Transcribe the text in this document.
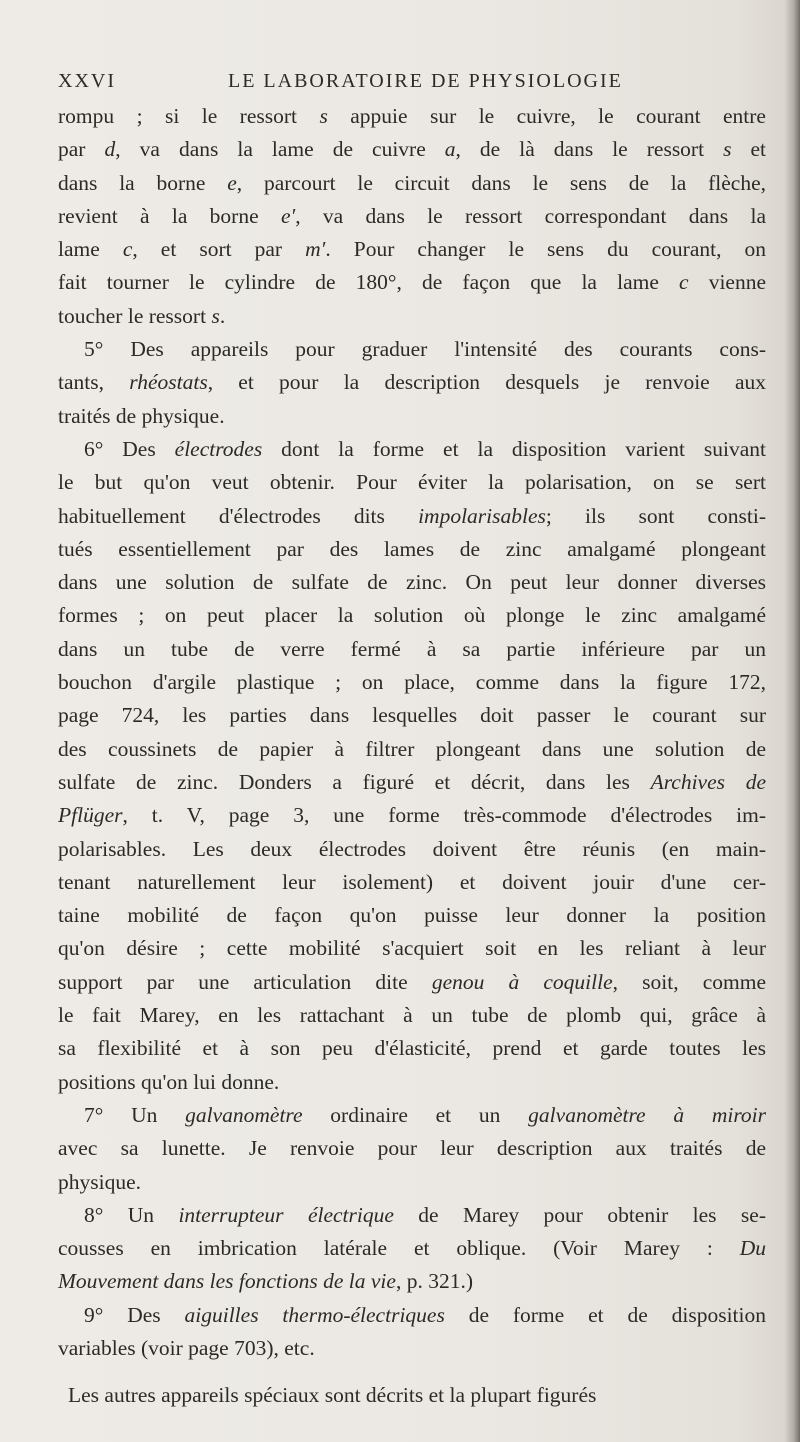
XXVI	LE LABORATOIRE DE PHYSIOLOGIE
rompu ; si le ressort s appuie sur le cuivre, le courant entre
par d, va dans la lame de cuivre a, de là dans le ressort s et
dans la borne e, parcourt le circuit dans le sens de la flèche,
revient à la borne e′, va dans le ressort correspondant dans la
lame c, et sort par m′. Pour changer le sens du courant, on
fait tourner le cylindre de 180°, de façon que la lame c vienne
toucher le ressort s.
5° Des appareils pour graduer l'intensité des courants cons-
tants, rhéostats, et pour la description desquels je renvoie aux
traités de physique.
6° Des électrodes dont la forme et la disposition varient suivant
le but qu'on veut obtenir. Pour éviter la polarisation, on se sert
habituellement d'électrodes dits impolarisables; ils sont consti-
tués essentiellement par des lames de zinc amalgamé plongeant
dans une solution de sulfate de zinc. On peut leur donner diverses
formes ; on peut placer la solution où plonge le zinc amalgamé
dans un tube de verre fermé à sa partie inférieure par un
bouchon d'argile plastique ; on place, comme dans la figure 172,
page 724, les parties dans lesquelles doit passer le courant sur
des coussinets de papier à filtrer plongeant dans une solution de
sulfate de zinc. Donders a figuré et décrit, dans les Archives de
Pflüger, t. V, page 3, une forme très-commode d'électrodes im-
polarisables. Les deux électrodes doivent être réunis (en main-
tenant naturellement leur isolement) et doivent jouir d'une cer-
taine mobilité de façon qu'on puisse leur donner la position
qu'on désire ; cette mobilité s'acquiert soit en les reliant à leur
support par une articulation dite genou à coquille, soit, comme
le fait Marey, en les rattachant à un tube de plomb qui, grâce à
sa flexibilité et à son peu d'élasticité, prend et garde toutes les
positions qu'on lui donne.
7° Un galvanomètre ordinaire et un galvanomètre à miroir
avec sa lunette. Je renvoie pour leur description aux traités de
physique.
8° Un interrupteur électrique de Marey pour obtenir les se-
cousses en imbrication latérale et oblique. (Voir Marey : Du
Mouvement dans les fonctions de la vie, p. 321.)
9° Des aiguilles thermo-électriques de forme et de disposition
variables (voir page 703), etc.
Les autres appareils spéciaux sont décrits et la plupart figurés
